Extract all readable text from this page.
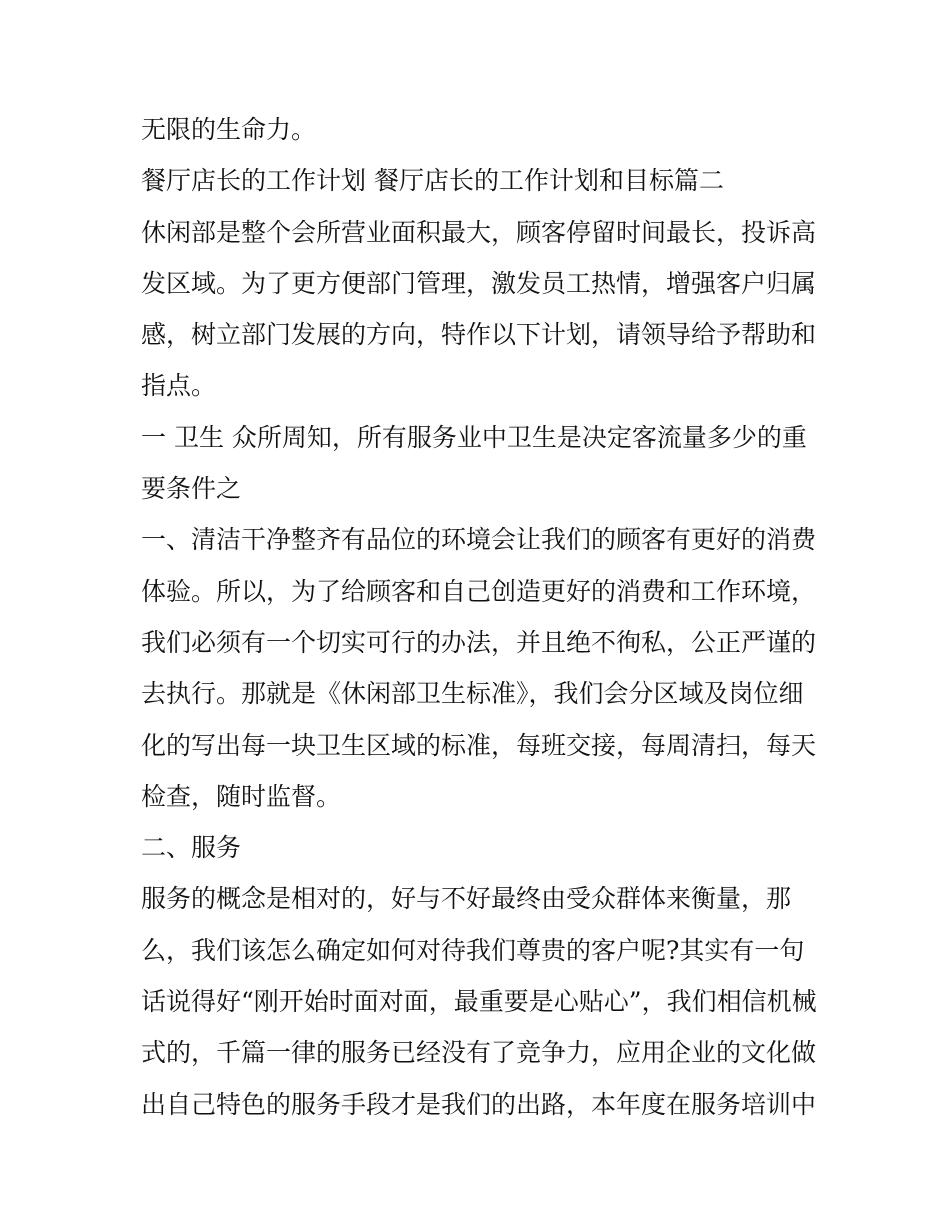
无限的生命力。
餐厅店长的工作计划 餐厅店长的工作计划和目标篇二
休闲部是整个会所营业面积最大，顾客停留时间最长，投诉高
发区域。为了更方便部门管理，激发员工热情，增强客户归属
感，树立部门发展的方向，特作以下计划，请领导给予帮助和
指点。
一 卫生 众所周知，所有服务业中卫生是决定客流量多少的重
要条件之
一、清洁干净整齐有品位的环境会让我们的顾客有更好的消费
体验。所以，为了给顾客和自己创造更好的消费和工作环境，
我们必须有一个切实可行的办法，并且绝不徇私，公正严谨的
去执行。那就是《休闲部卫生标准》，我们会分区域及岗位细
化的写出每一块卫生区域的标准，每班交接，每周清扫，每天
检查，随时监督。
二、服务
服务的概念是相对的，好与不好最终由受众群体来衡量，那
么，我们该怎么确定如何对待我们尊贵的客户呢?其实有一句
话说得好“刚开始时面对面，最重要是心贴心”，我们相信机械
式的，千篇一律的服务已经没有了竞争力，应用企业的文化做
出自己特色的服务手段才是我们的出路，本年度在服务培训中
